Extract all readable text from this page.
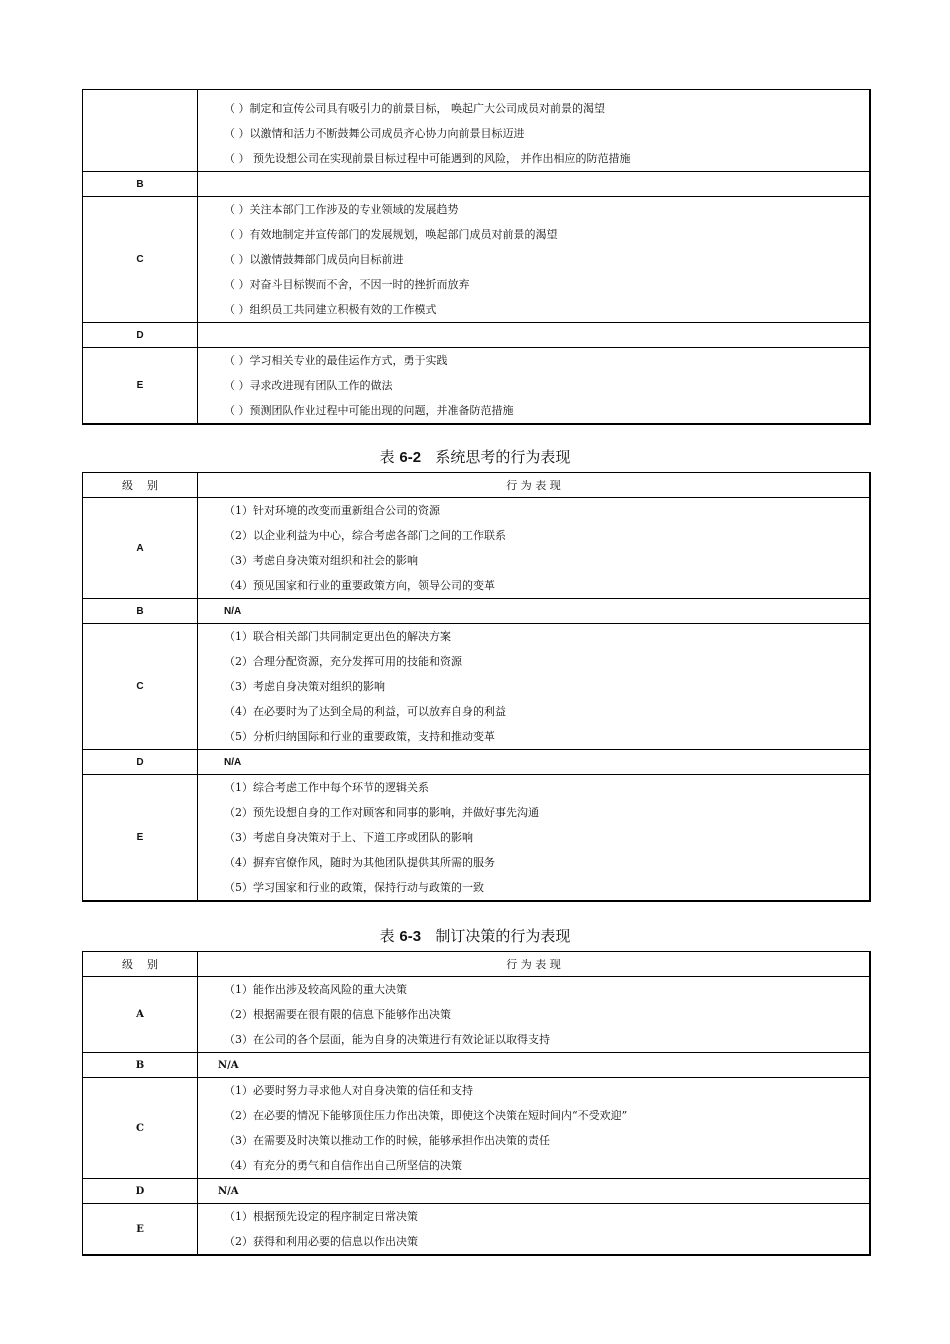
	（ ）制定和宣传公司具有吸引力的前景目标， 唤起广大公司成员对前景的渴望
（ ）以激情和活力不断鼓舞公司成员齐心协力向前景目标迈进
（ ） 预先设想公司在实现前景目标过程中可能遇到的风险， 并作出相应的防范措施

B	
C	（ ）关注本部门工作涉及的专业领域的发展趋势
（ ）有效地制定并宣传部门的发展规划，唤起部门成员对前景的渴望
（ ）以激情鼓舞部门成员向目标前进
（ ）对奋斗目标锲而不舍，不因一时的挫折而放弃
（ ）组织员工共同建立积极有效的工作模式

D	
E	（ ）学习相关专业的最佳运作方式，勇于实践
（ ）寻求改进现有团队工作的做法
（ ）预测团队作业过程中可能出现的问题，并准备防范措施
表 6-2 系统思考的行为表现
级    别	行 为 表 现
A	（1）针对环境的改变而重新组合公司的资源
（2）以企业利益为中心，综合考虑各部门之间的工作联系
（3）考虑自身决策对组织和社会的影响
（4）预见国家和行业的重要政策方向，领导公司的变革

B	N/A
C	（1）联合相关部门共同制定更出色的解决方案
（2）合理分配资源，充分发挥可用的技能和资源
（3）考虑自身决策对组织的影响
（4）在必要时为了达到全局的利益，可以放弃自身的利益
（5）分析归纳国际和行业的重要政策，支持和推动变革

D	N/A
E	（1）综合考虑工作中每个环节的逻辑关系
（2）预先设想自身的工作对顾客和同事的影响，并做好事先沟通
（3）考虑自身决策对于上、下道工序或团队的影响
（4）摒弃官僚作风，随时为其他团队提供其所需的服务
（5）学习国家和行业的政策，保持行动与政策的一致
表 6-3 制订决策的行为表现
级    别	行 为 表 现
A	（1）能作出涉及较高风险的重大决策
（2）根据需要在很有限的信息下能够作出决策
（3）在公司的各个层面，能为自身的决策进行有效论证以取得支持

B	N/A
C	（1）必要时努力寻求他人对自身决策的信任和支持
（2）在必要的情况下能够顶住压力作出决策，即使这个决策在短时间内“不受欢迎”
（3）在需要及时决策以推动工作的时候，能够承担作出决策的责任
（4）有充分的勇气和自信作出自己所坚信的决策

D	N/A
E	（1）根据预先设定的程序制定日常决策
（2）获得和利用必要的信息以作出决策
